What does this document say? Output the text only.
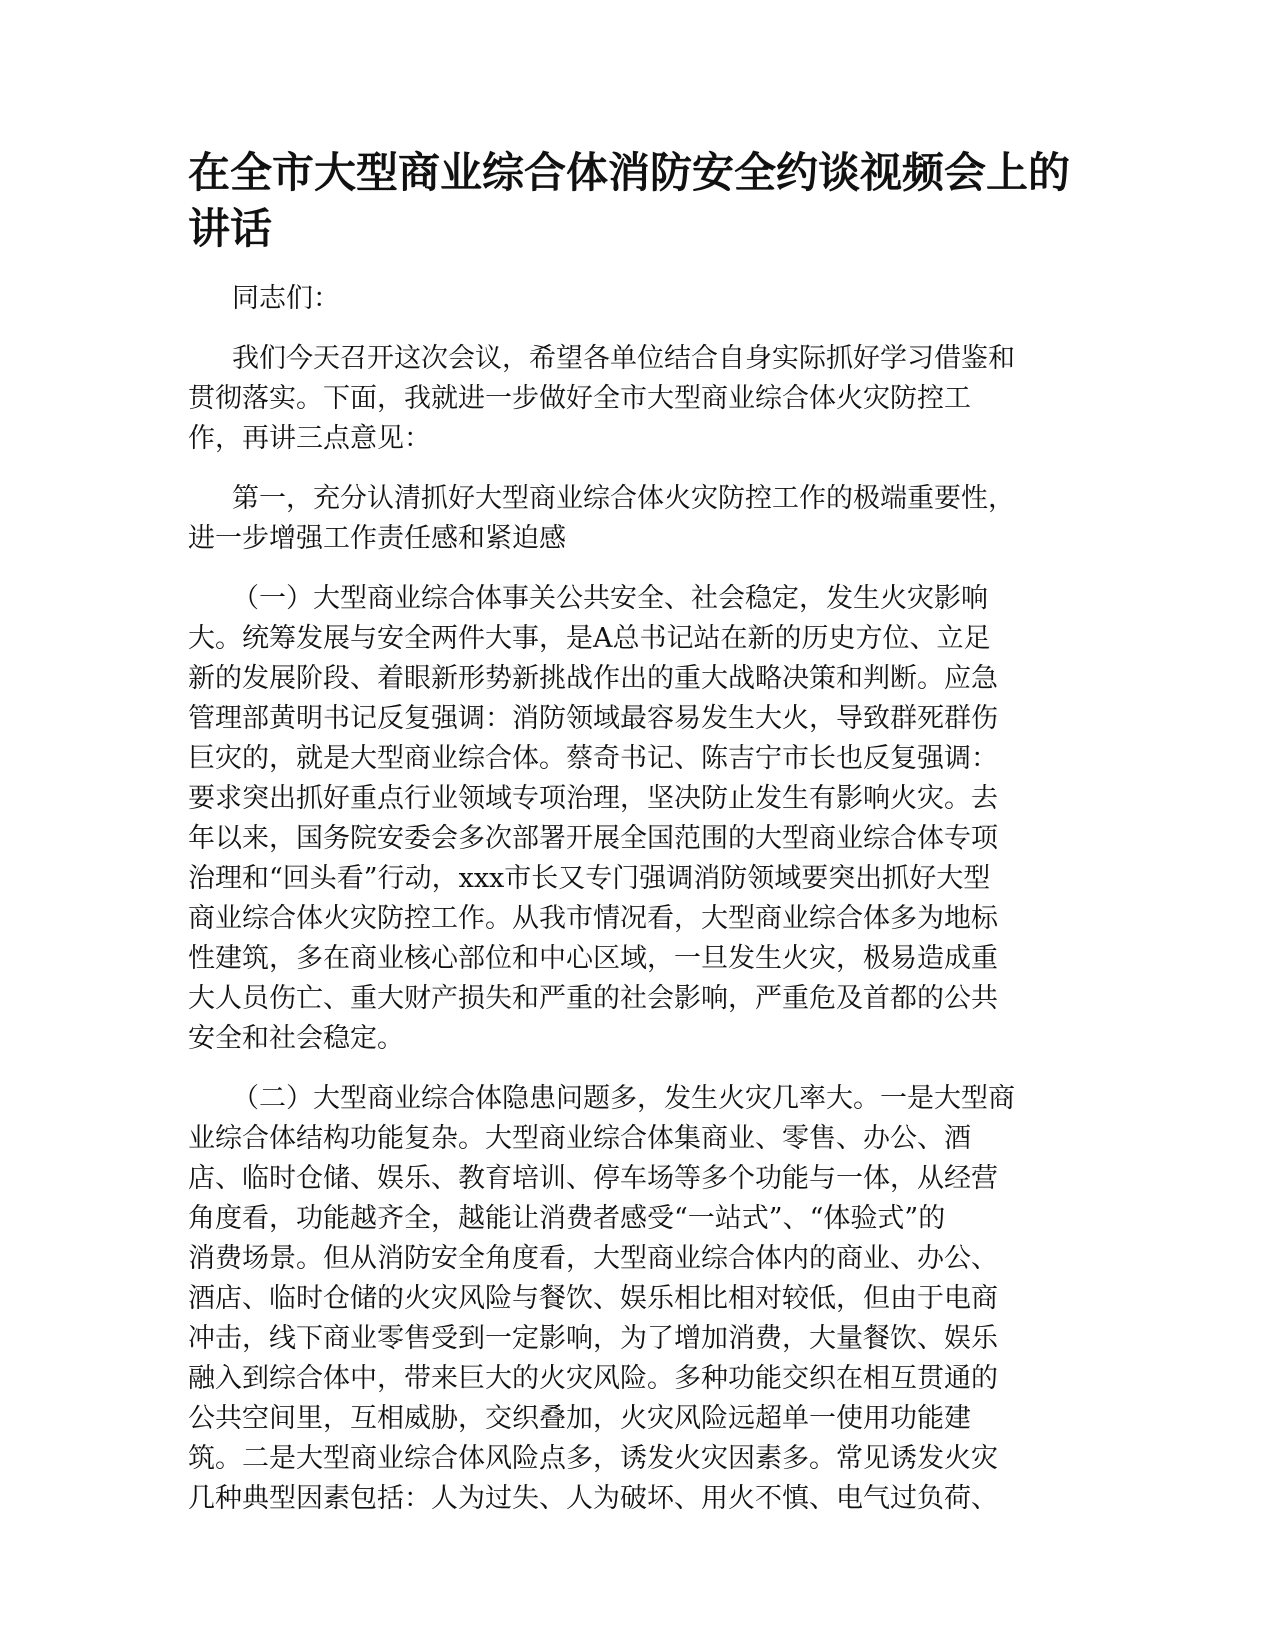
在全市大型商业综合体消防安全约谈视频会上的
讲话

同志们：

我们今天召开这次会议，希望各单位结合自身实际抓好学习借鉴和
贯彻落实。下面，我就进一步做好全市大型商业综合体火灾防控工
作，再讲三点意见：

第一，充分认清抓好大型商业综合体火灾防控工作的极端重要性，
进一步增强工作责任感和紧迫感

（一）大型商业综合体事关公共安全、社会稳定，发生火灾影响
大。统筹发展与安全两件大事，是A总书记站在新的历史方位、立足
新的发展阶段、着眼新形势新挑战作出的重大战略决策和判断。应急
管理部黄明书记反复强调：消防领域最容易发生大火，导致群死群伤
巨灾的，就是大型商业综合体。蔡奇书记、陈吉宁市长也反复强调：
要求突出抓好重点行业领域专项治理，坚决防止发生有影响火灾。去
年以来，国务院安委会多次部署开展全国范围的大型商业综合体专项
治理和“回头看”行动，xxx市长又专门强调消防领域要突出抓好大型
商业综合体火灾防控工作。从我市情况看，大型商业综合体多为地标
性建筑，多在商业核心部位和中心区域，一旦发生火灾，极易造成重
大人员伤亡、重大财产损失和严重的社会影响，严重危及首都的公共
安全和社会稳定。

（二）大型商业综合体隐患问题多，发生火灾几率大。一是大型商
业综合体结构功能复杂。大型商业综合体集商业、零售、办公、酒
店、临时仓储、娱乐、教育培训、停车场等多个功能与一体，从经营
角度看，功能越齐全，越能让消费者感受“一站式”、“体验式”的
消费场景。但从消防安全角度看，大型商业综合体内的商业、办公、
酒店、临时仓储的火灾风险与餐饮、娱乐相比相对较低，但由于电商
冲击，线下商业零售受到一定影响，为了增加消费，大量餐饮、娱乐
融入到综合体中，带来巨大的火灾风险。多种功能交织在相互贯通的
公共空间里，互相威胁，交织叠加，火灾风险远超单一使用功能建
筑。二是大型商业综合体风险点多，诱发火灾因素多。常见诱发火灾
几种典型因素包括：人为过失、人为破坏、用火不慎、电气过负荷、
